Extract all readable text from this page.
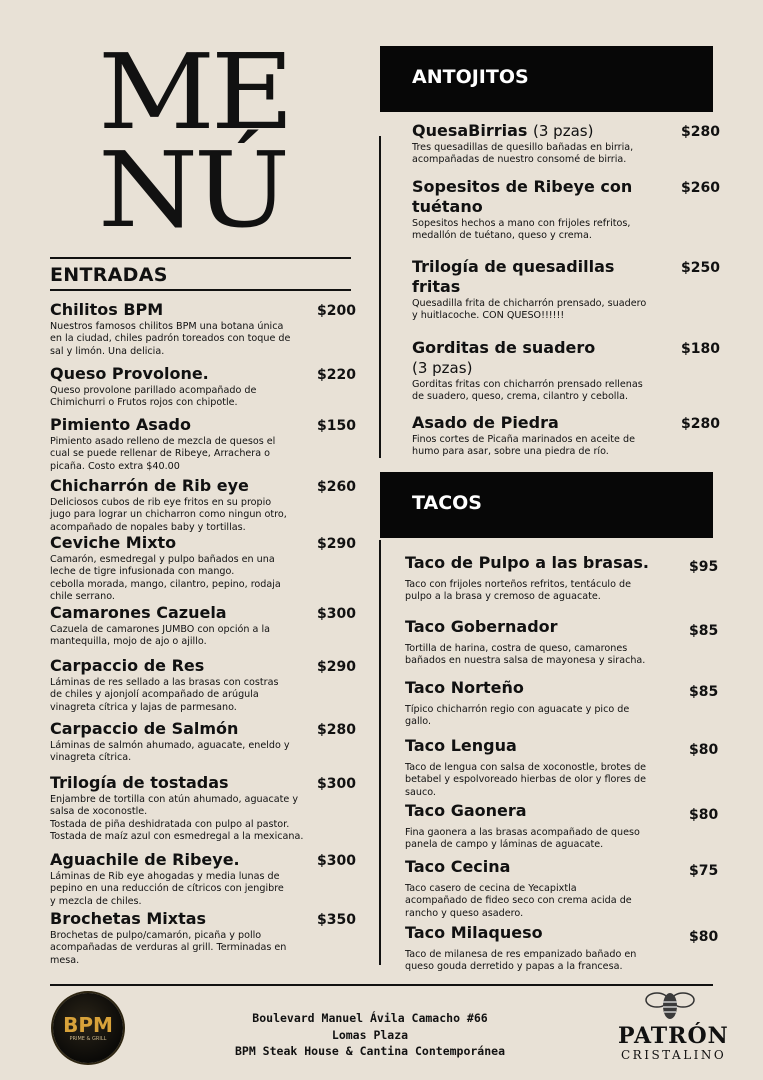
ME
NÚ
ENTRADAS
Chilitos BPM
Nuestros famosos chilitos BPM una botana única
en la ciudad, chiles padrón toreados con toque de
sal y limón. Una delicia.
$200
Queso Provolone.
Queso provolone parillado acompañado de
Chimichurri o Frutos rojos con chipotle.
$220
Pimiento Asado
Pimiento asado relleno de mezcla de quesos el
cual se puede rellenar de Ribeye, Arrachera o
picaña. Costo extra $40.00
$150
Chicharrón de Rib eye
Deliciosos cubos de rib eye fritos en su propio
jugo para lograr un chicharron como ningun otro,
acompañado de nopales baby y tortillas.
$260
Ceviche Mixto
Camarón, esmedregal y pulpo bañados en una
leche de tigre infusionada con mango.
cebolla morada, mango, cilantro, pepino, rodaja
chile serrano.
$290
Camarones Cazuela
Cazuela de camarones JUMBO con opción a la
mantequilla, mojo de ajo o ajillo.
$300
Carpaccio de Res
Láminas de res sellado a las brasas con costras
de chiles y ajonjolí acompañado de arúgula
vinagreta cítrica y lajas de parmesano.
$290
Carpaccio de Salmón
Láminas de salmón ahumado, aguacate, eneldo y
vinagreta cítrica.
$280
Trilogía de tostadas
Enjambre de tortilla con atún ahumado, aguacate y
salsa de xoconostle.
Tostada de piña deshidratada con pulpo al pastor.
Tostada de maíz azul con esmedregal a la mexicana.
$300
Aguachile de Ribeye.
Láminas de Rib eye ahogadas y media lunas de
pepino en una reducción de cítricos con jengibre
y mezcla de chiles.
$300
Brochetas Mixtas
Brochetas de pulpo/camarón, picaña y pollo
acompañadas de verduras al grill. Terminadas en
mesa.
$350
ANTOJITOS
QuesaBirrias (3 pzas)
Tres quesadillas de quesillo bañadas en birria,
acompañadas de nuestro consomé de birria.
$280
Sopesitos de Ribeye con
tuétano
Sopesitos hechos a mano con frijoles refritos,
medallón de tuétano, queso y crema.
$260
Trilogía de quesadillas
fritas
Quesadilla frita de chicharrón prensado, suadero
y huitlacoche. CON QUESO!!!!!!
$250
Gorditas de suadero
(3 pzas)
Gorditas fritas con chicharrón prensado rellenas
de suadero, queso, crema, cilantro y cebolla.
$180
Asado de Piedra
Finos cortes de Picaña marinados en aceite de
humo para asar, sobre una piedra de río.
$280
TACOS
Taco de Pulpo a las brasas.
Taco con frijoles norteños refritos, tentáculo de
pulpo a la brasa y cremoso de aguacate.
$95
Taco Gobernador
Tortilla de harina, costra de queso, camarones
bañados en nuestra salsa de mayonesa y siracha.
$85
Taco Norteño
Típico chicharrón regio con aguacate y pico de
gallo.
$85
Taco Lengua
Taco de lengua con salsa de xoconostle, brotes de
betabel y espolvoreado hierbas de olor y flores de
sauco.
$80
Taco Gaonera
Fina gaonera a las brasas acompañado de queso
panela de campo y láminas de aguacate.
$80
Taco Cecina
Taco casero de cecina de Yecapixtla
acompañado de fideo seco con crema acida de
rancho y queso asadero.
$75
Taco Milaqueso
Taco de milanesa de res empanizado bañado en
queso gouda derretido y papas a la francesa.
$80
BPM
PRIME & GRILL
Boulevard Manuel Ávila Camacho #66
Lomas Plaza
BPM Steak House & Cantina Contemporánea
PATRÓN
CRISTALINO
